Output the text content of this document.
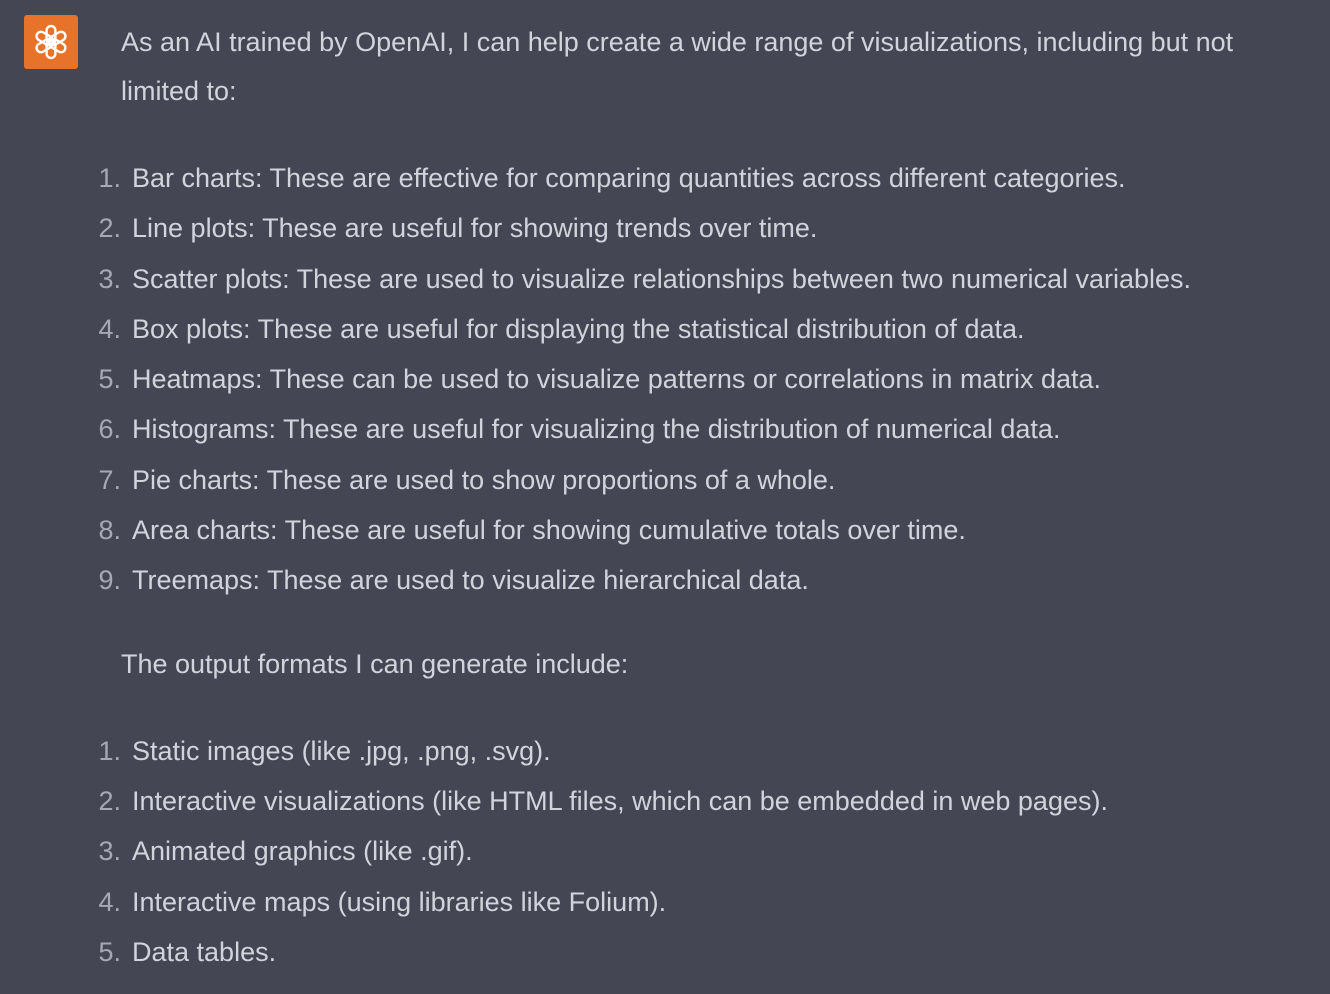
As an AI trained by OpenAI, I can help create a wide range of visualizations, including but not limited to:

1. Bar charts: These are effective for comparing quantities across different categories.
2. Line plots: These are useful for showing trends over time.
3. Scatter plots: These are used to visualize relationships between two numerical variables.
4. Box plots: These are useful for displaying the statistical distribution of data.
5. Heatmaps: These can be used to visualize patterns or correlations in matrix data.
6. Histograms: These are useful for visualizing the distribution of numerical data.
7. Pie charts: These are used to show proportions of a whole.
8. Area charts: These are useful for showing cumulative totals over time.
9. Treemaps: These are used to visualize hierarchical data.

The output formats I can generate include:

1. Static images (like .jpg, .png, .svg).
2. Interactive visualizations (like HTML files, which can be embedded in web pages).
3. Animated graphics (like .gif).
4. Interactive maps (using libraries like Folium).
5. Data tables.
